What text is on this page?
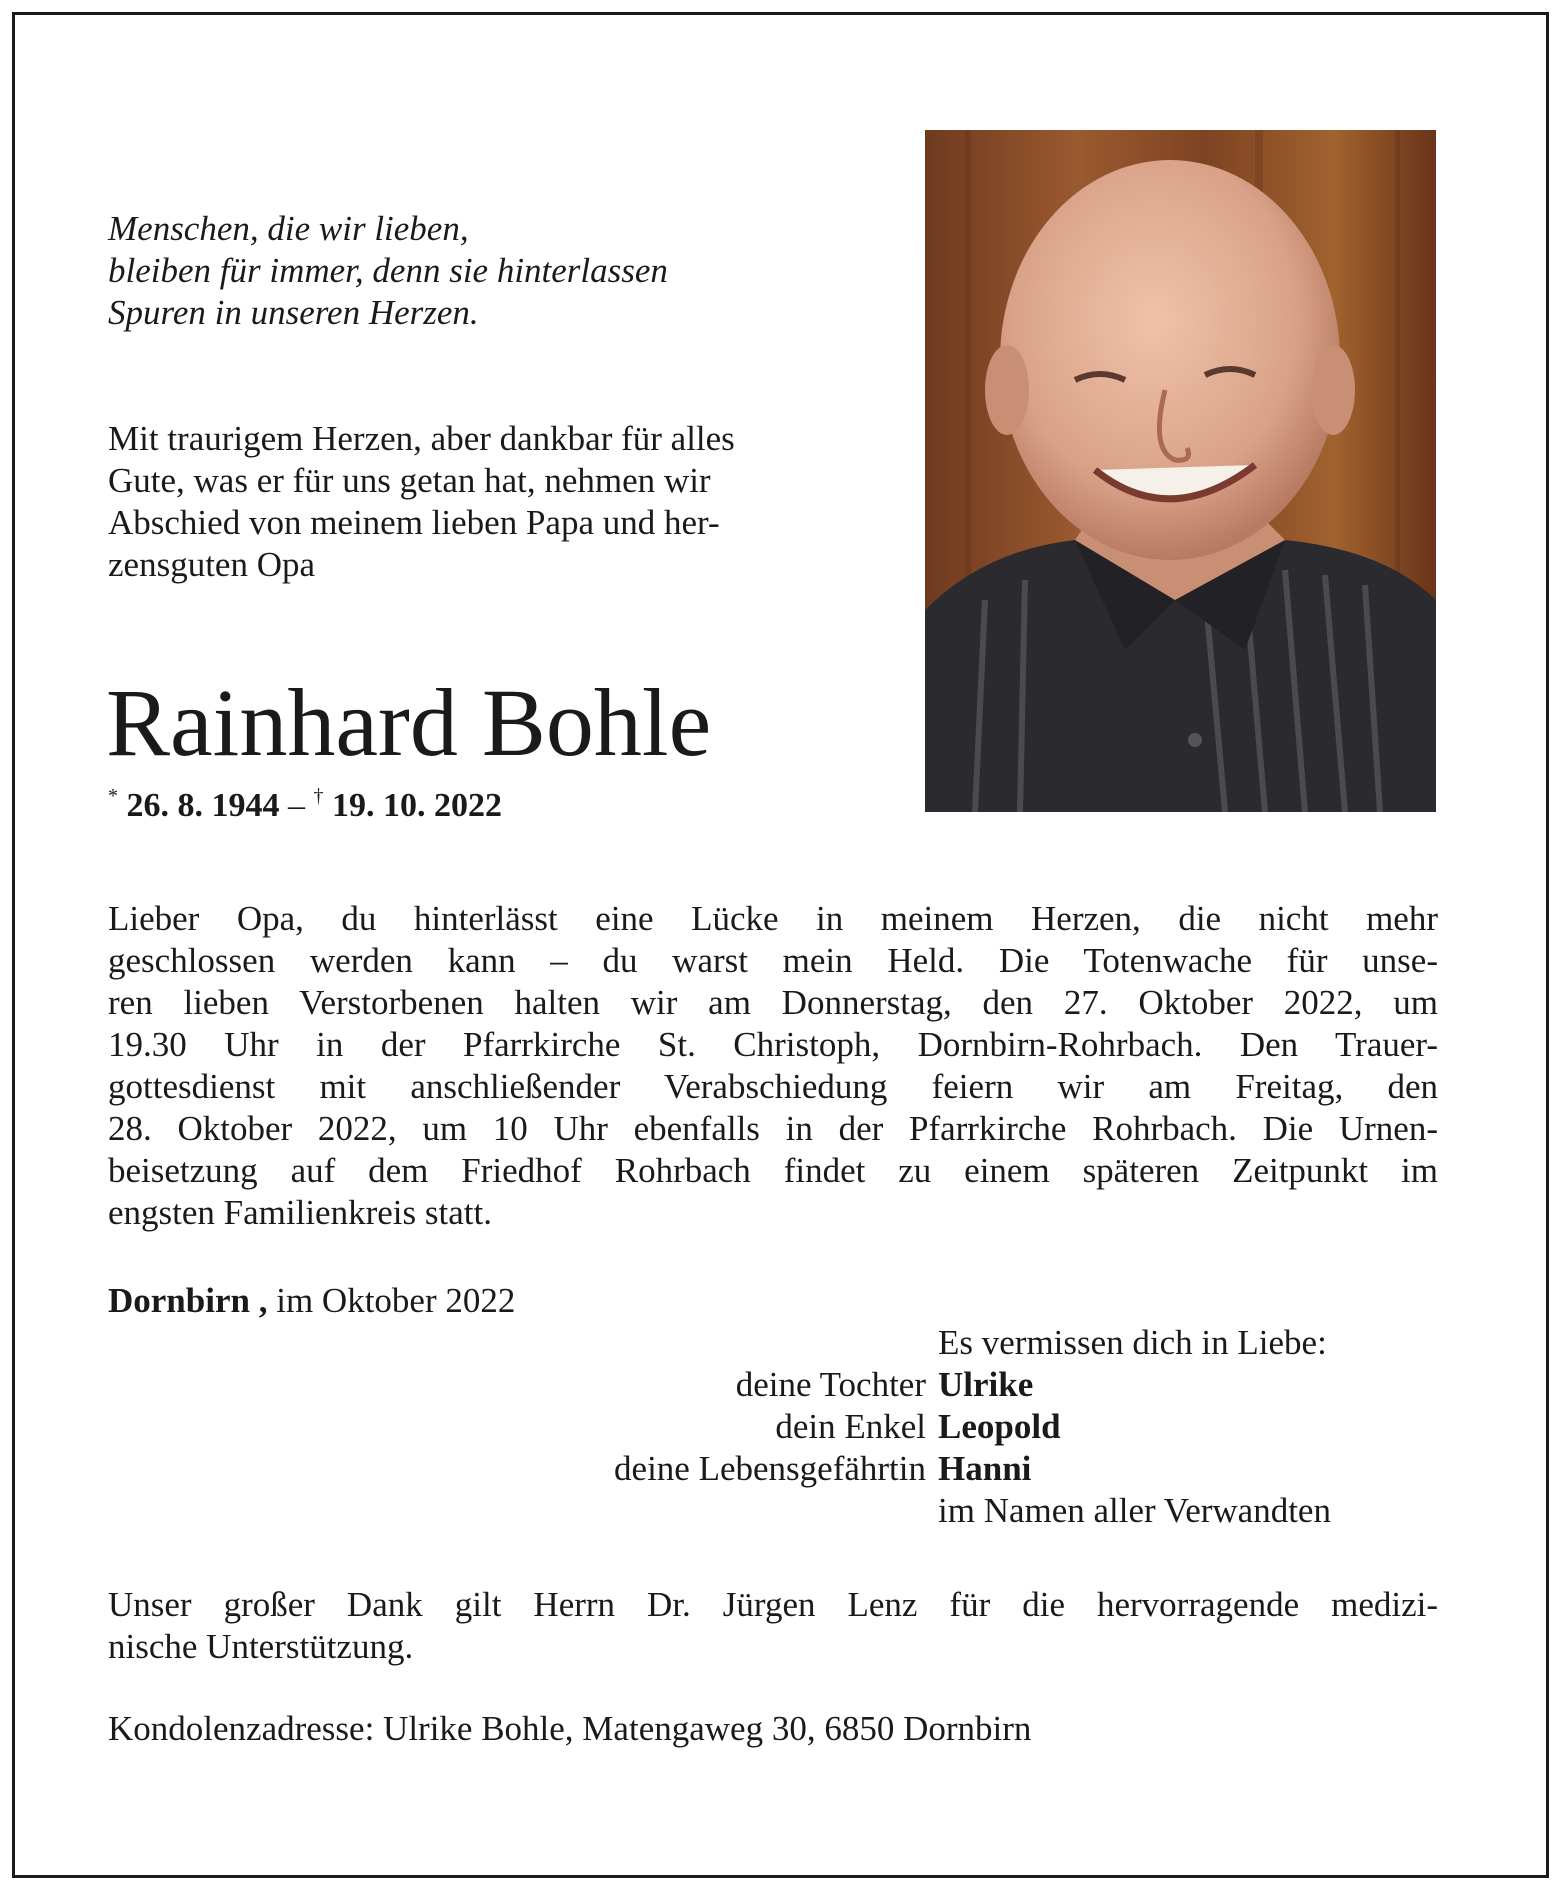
Menschen, die wir lieben,
bleiben für immer, denn sie hinterlassen
Spuren in unseren Herzen.
Mit traurigem Herzen, aber dankbar für alles
Gute, was er für uns getan hat, nehmen wir
Abschied von meinem lieben Papa und her-
zensguten Opa
Rainhard Bohle
* 26. 8. 1944 – † 19. 10. 2022
Lieber Opa, du hinterlässt eine Lücke in meinem Herzen, die nicht mehr
geschlossen werden kann – du warst mein Held. Die Totenwache für unse-
ren lieben Verstorbenen halten wir am Donnerstag, den 27. Oktober 2022, um
19.30 Uhr in der Pfarrkirche St. Christoph, Dornbirn-Rohrbach. Den Trauer-
gottesdienst mit anschließender Verabschiedung feiern wir am Freitag, den
28. Oktober 2022, um 10 Uhr ebenfalls in der Pfarrkirche Rohrbach. Die Urnen-
beisetzung auf dem Friedhof Rohrbach findet zu einem späteren Zeitpunkt im
engsten Familienkreis statt.
Dornbirn , im Oktober 2022
Es vermissen dich in Liebe:
deine Tochter Ulrike
dein Enkel Leopold
deine Lebensgefährtin Hanni
im Namen aller Verwandten
Unser großer Dank gilt Herrn Dr. Jürgen Lenz für die hervorragende medizi-
nische Unterstützung.
Kondolenzadresse: Ulrike Bohle, Matengaweg 30, 6850 Dornbirn
